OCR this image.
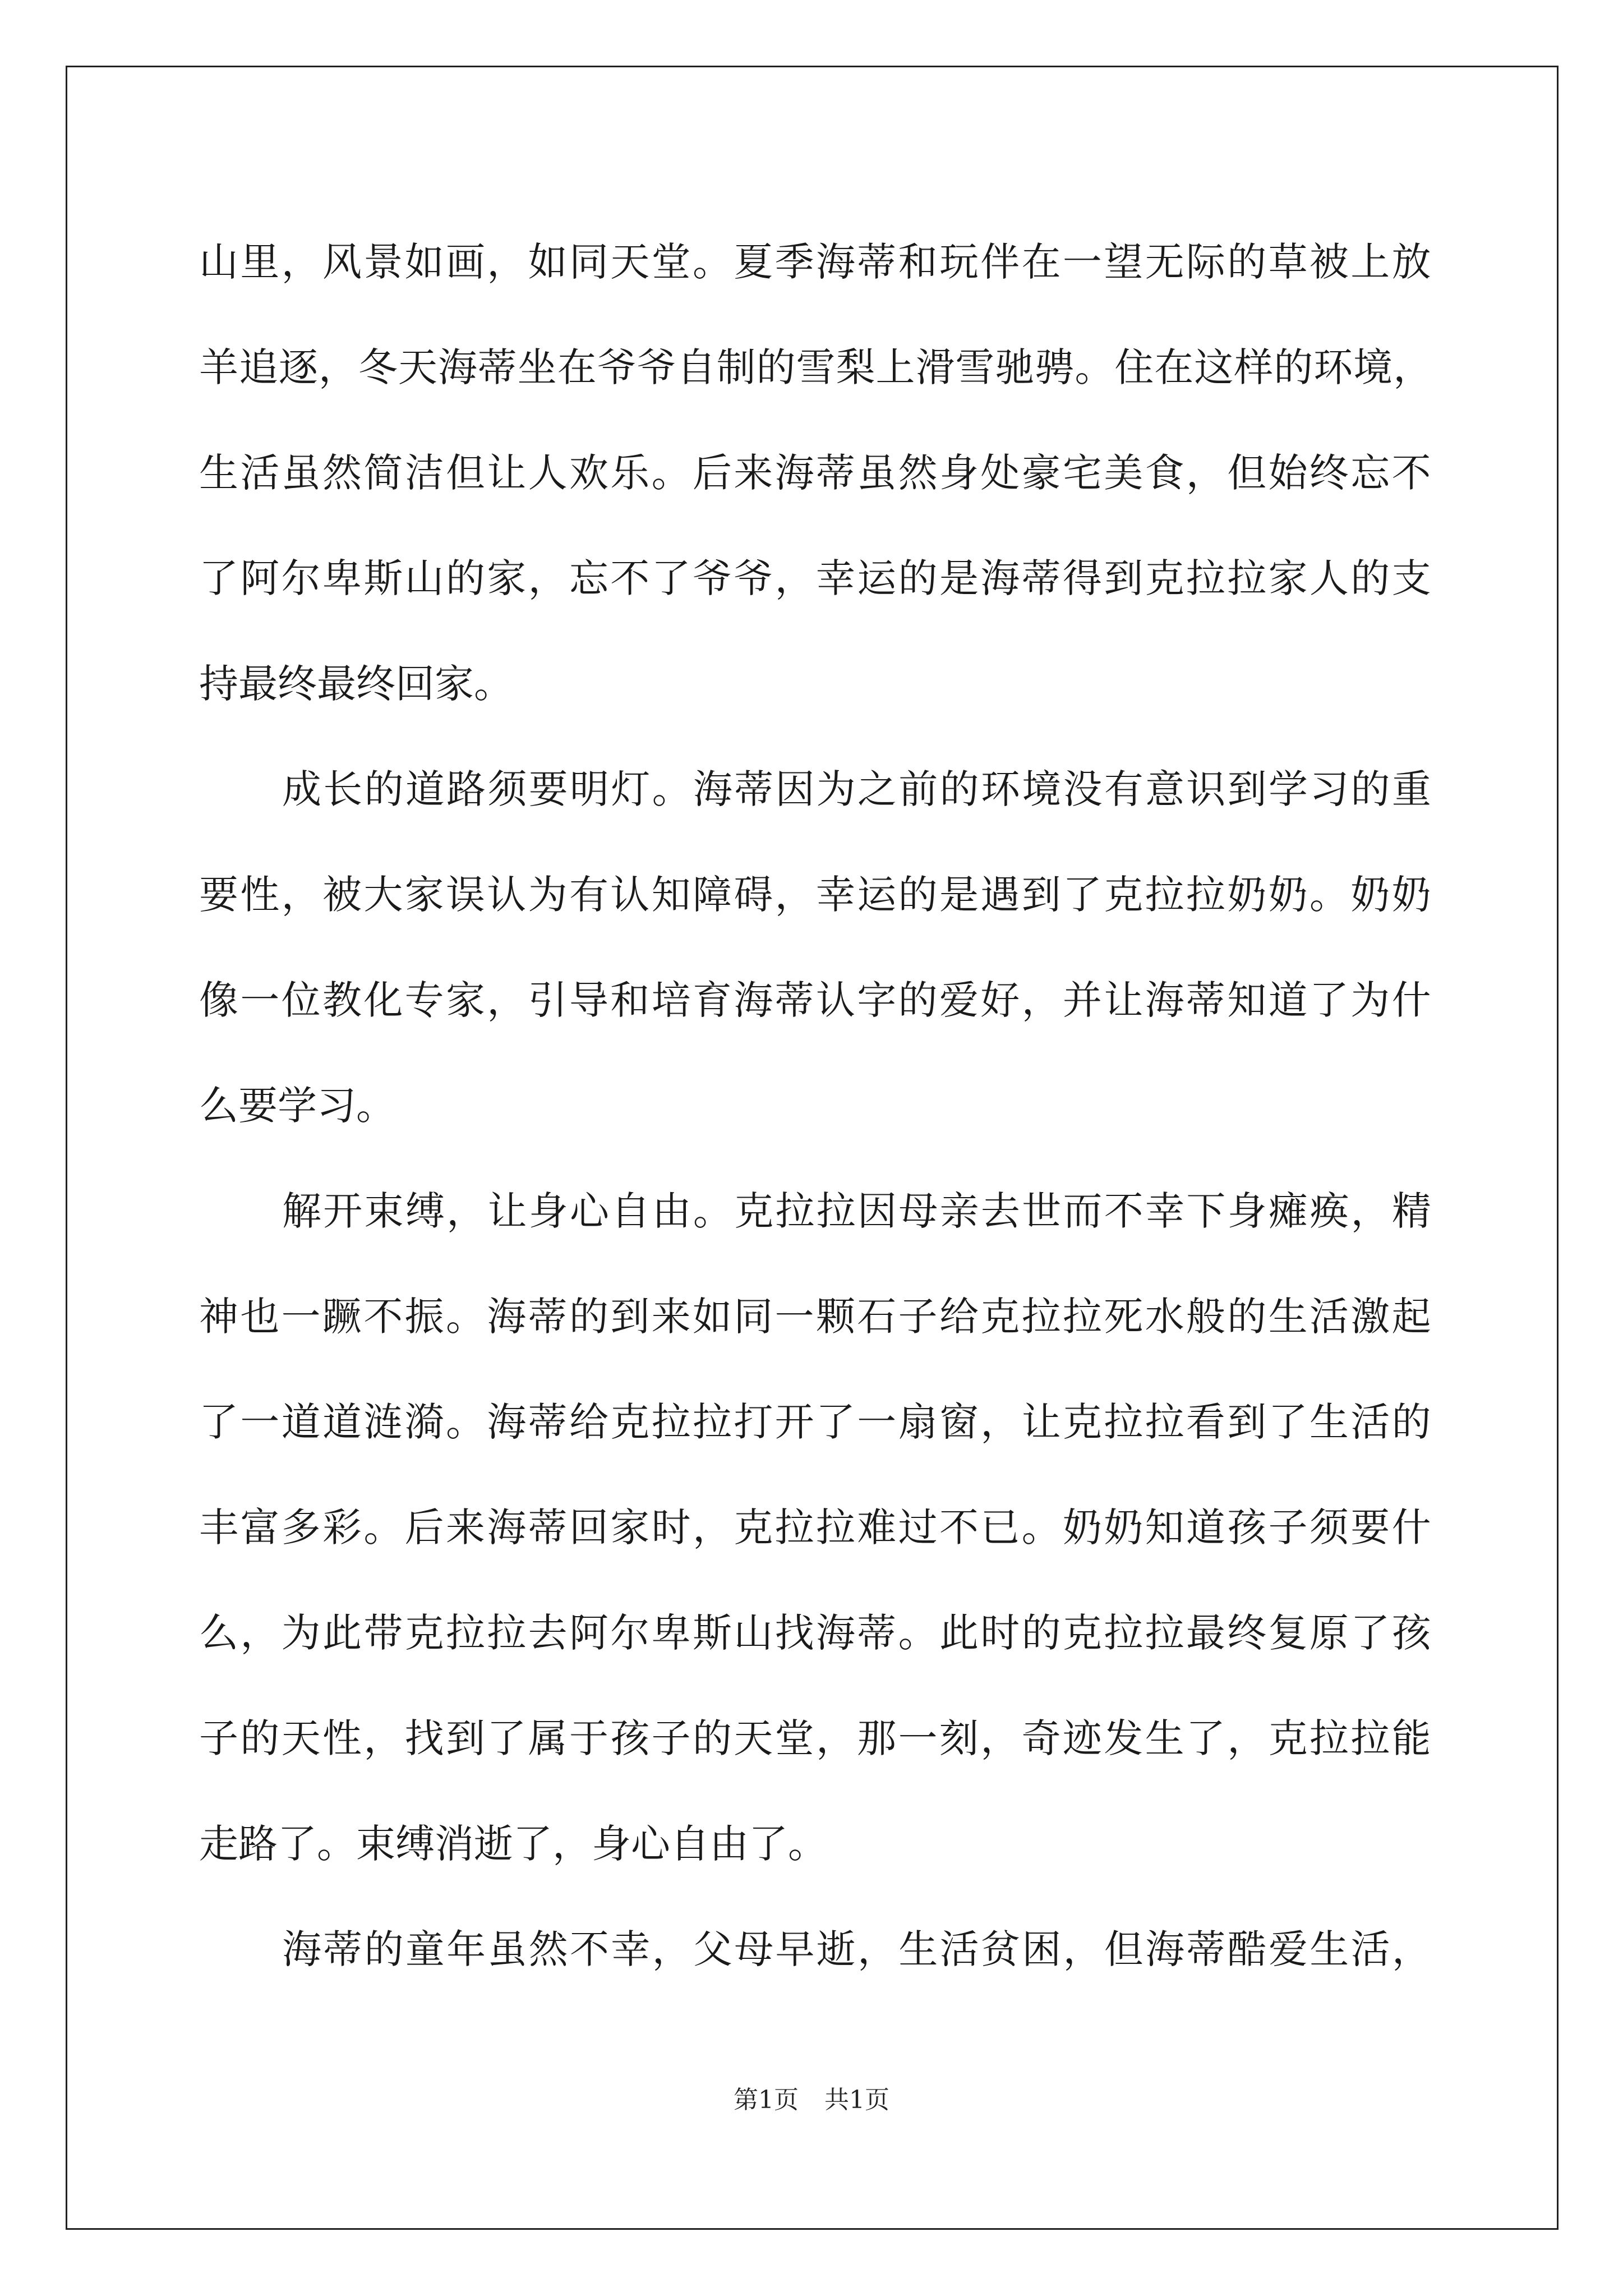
山里，风景如画，如同天堂。夏季海蒂和玩伴在一望无际的草被上放
羊追逐，冬天海蒂坐在爷爷自制的雪梨上滑雪驰骋。住在这样的环境，
生活虽然简洁但让人欢乐。后来海蒂虽然身处豪宅美食，但始终忘不
了阿尔卑斯山的家，忘不了爷爷，幸运的是海蒂得到克拉拉家人的支
持最终最终回家。
成长的道路须要明灯。海蒂因为之前的环境没有意识到学习的重
要性，被大家误认为有认知障碍，幸运的是遇到了克拉拉奶奶。奶奶
像一位教化专家，引导和培育海蒂认字的爱好，并让海蒂知道了为什
么要学习。
解开束缚，让身心自由。克拉拉因母亲去世而不幸下身瘫痪，精
神也一蹶不振。海蒂的到来如同一颗石子给克拉拉死水般的生活激起
了一道道涟漪。海蒂给克拉拉打开了一扇窗，让克拉拉看到了生活的
丰富多彩。后来海蒂回家时，克拉拉难过不已。奶奶知道孩子须要什
么，为此带克拉拉去阿尔卑斯山找海蒂。此时的克拉拉最终复原了孩
子的天性，找到了属于孩子的天堂，那一刻，奇迹发生了，克拉拉能
走路了。束缚消逝了，身心自由了。
海蒂的童年虽然不幸，父母早逝，生活贫困，但海蒂酷爱生活，
第1页 共1页
